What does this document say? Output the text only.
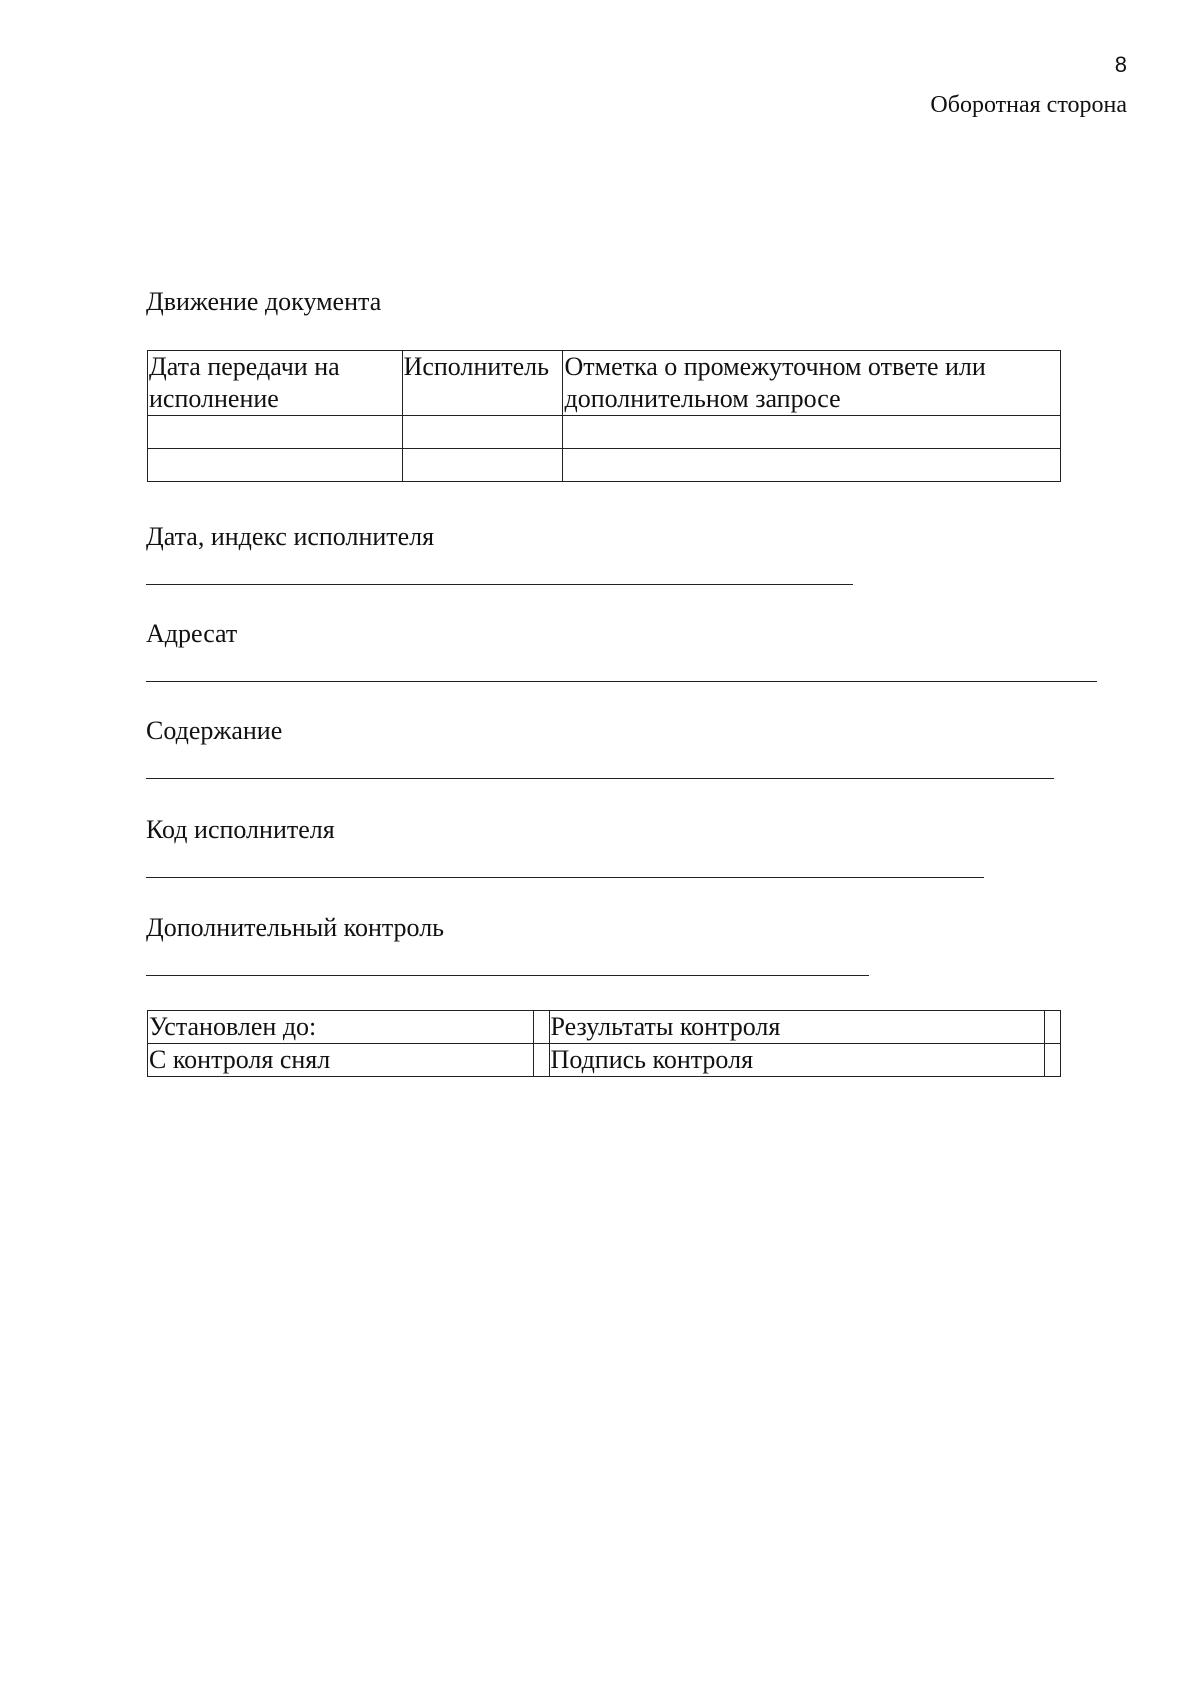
8
Оборотная сторона
Движение документа
Дата передачи на
исполнение	Исполнитель	Отметка о промежуточном ответе или
дополнительном запросе

Дата, индекс исполнителя
Адресат
Содержание
Код исполнителя
Дополнительный контроль
Установлен до:		Результаты контроля	
С контроля снял		Подпись контроля	
